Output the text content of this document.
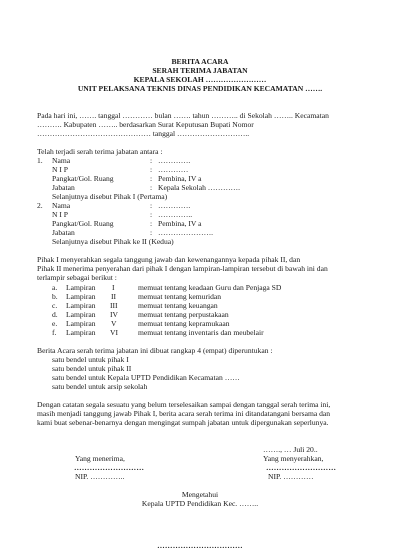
BERITA ACARA
SERAH TERIMA JABATAN
KEPALA SEKOLAH ……………………
UNIT PELAKSANA TEKNIS DINAS PENDIDIKAN KECAMATAN …….
Pada hari ini, ……. tanggal ………… bulan ……. tahun ……….. di Sekolah …….. Kecamatan
………. Kabupaten …….. berdasarkan Surat Keputusan Bupati Nomor
……………………………………… tanggal ………………………..
Telah terjadi serah terima jabatan antara :
1. Nama	: ………….
N I P	: …………
Pangkat/Gol. Ruang	: Pembina, IV a
Jabatan	: Kepala Sekolah ………….
Selanjutnya disebut Pihak I (Pertama)
2. Nama	: ………….
N I P	: …………..
Pangkat/Gol. Ruang	: Pembina, IV a
Jabatan	: ………………….
Selanjutnya disebut Pihak ke II (Kedua)
Pihak I menyerahkan segala tanggung jawab dan kewenangannya kepada pihak II, dan
Pihak II menerima penyerahan dari pihak I dengan lampiran-lampiran tersebut di bawah ini dan
terlampir sebagai berikut :
a. Lampiran I	memuat tentang keadaan Guru dan Penjaga SD
b. Lampiran II	memuat tentang kemuridan
c. Lampiran III	memuat tentang keuangan
d. Lampiran IV	memuat tentang perpustakaan
e. Lampiran V	memuat tentang kepramukaan
f. Lampiran VI	memuat tentang inventaris dan meubelair
Berita Acara serah terima jabatan ini dibuat rangkap 4 (empat) diperuntukan :
satu bendel untuk pihak I
satu bendel untuk pihak II
satu bendel untuk Kepala UPTD Pendidikan Kecamatan ……
satu bendel untuk arsip sekolah
Dengan catatan segala sesuatu yang belum terselesaikan sampai dengan tanggal serah terima ini,
masih menjadi tanggung jawab Pihak I, berita acara serah terima ini ditandatangani bersama dan
kami buat sebenar-benarnya dengan mengingat sumpah jabatan untuk dipergunakan seperlunya.
……., … Juli 20..
Yang menerima,	Yang menyerahkan,
………………………	………………………
NIP. …………..	NIP. …………
Mengetahui
Kepala UPTD Pendidikan Kec. ……..
……………………………
